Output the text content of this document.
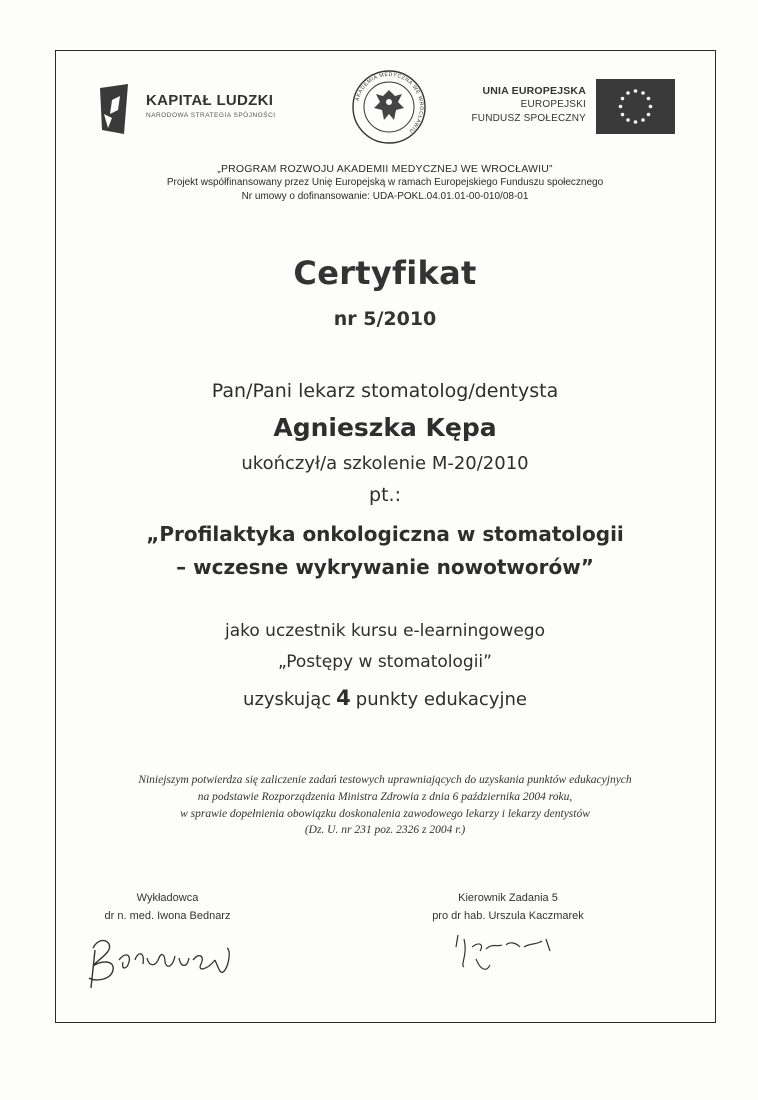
KAPITAŁ LUDZKI
NARODOWA STRATEGIA SPÓJNOŚCI
AKADEMIA MEDYCZNA WE WROCŁAWIU
UNIA EUROPEJSKA
EUROPEJSKI
FUNDUSZ SPOŁECZNY
„PROGRAM ROZWOJU AKADEMII MEDYCZNEJ WE WROCŁAWIU”
Projekt współfinansowany przez Unię Europejską w ramach Europejskiego Funduszu społecznego
Nr umowy o dofinansowanie: UDA-POKL.04.01.01-00-010/08-01
Certyfikat
nr 5/2010
Pan/Pani lekarz stomatolog/dentysta
Agnieszka Kępa
ukończył/a szkolenie M-20/2010
pt.:
„Profilaktyka onkologiczna w stomatologii
– wczesne wykrywanie nowotworów”
jako uczestnik kursu e-learningowego
„Postępy w stomatologii”
uzyskując 4 punkty edukacyjne
Niniejszym potwierdza się zaliczenie zadań testowych uprawniających do uzyskania punktów edukacyjnych
na podstawie Rozporządzenia Ministra Zdrowia z dnia 6 października 2004 roku,
w sprawie dopełnienia obowiązku doskonalenia zawodowego lekarzy i lekarzy dentystów
(Dz. U. nr 231 poz. 2326 z 2004 r.)
Wykładowca
dr n. med. Iwona Bednarz
Kierownik Zadania 5
pro dr hab. Urszula Kaczmarek
